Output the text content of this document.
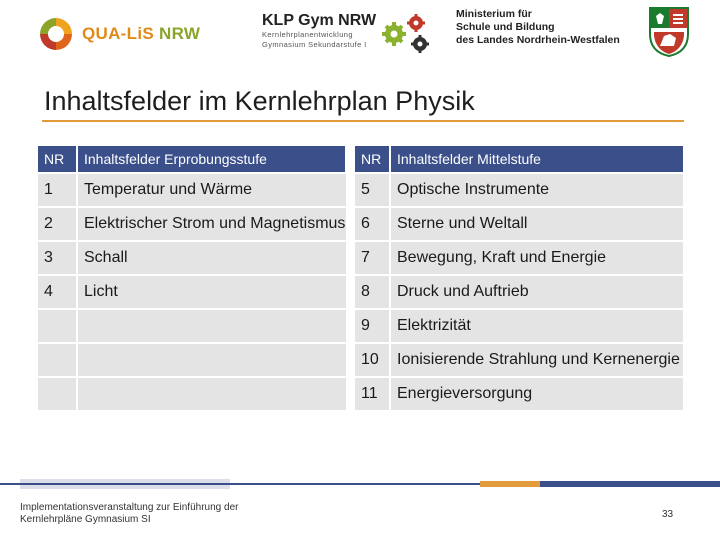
QUA-LiS NRW
KLP Gym NRW
Kernlehrplanentwicklung
Gymnasium Sekundarstufe I
Ministerium für
Schule und Bildung
des Landes Nordrhein-Westfalen
Inhaltsfelder im Kernlehrplan Physik
NR	Inhaltsfelder Erprobungsstufe		NR	Inhaltsfelder Mittelstufe
1	Temperatur und Wärme		5	Optische Instrumente
2	Elektrischer Strom und Magnetismus		6	Sterne und Weltall
3	Schall		7	Bewegung, Kraft und Energie
4	Licht		8	Druck und Auftrieb
			9	Elektrizität
			10	Ionisierende Strahlung und Kernenergie
			11	Energieversorgung
Implementationsveranstaltung zur Einführung der Kernlehrpläne Gymnasium SI	33
